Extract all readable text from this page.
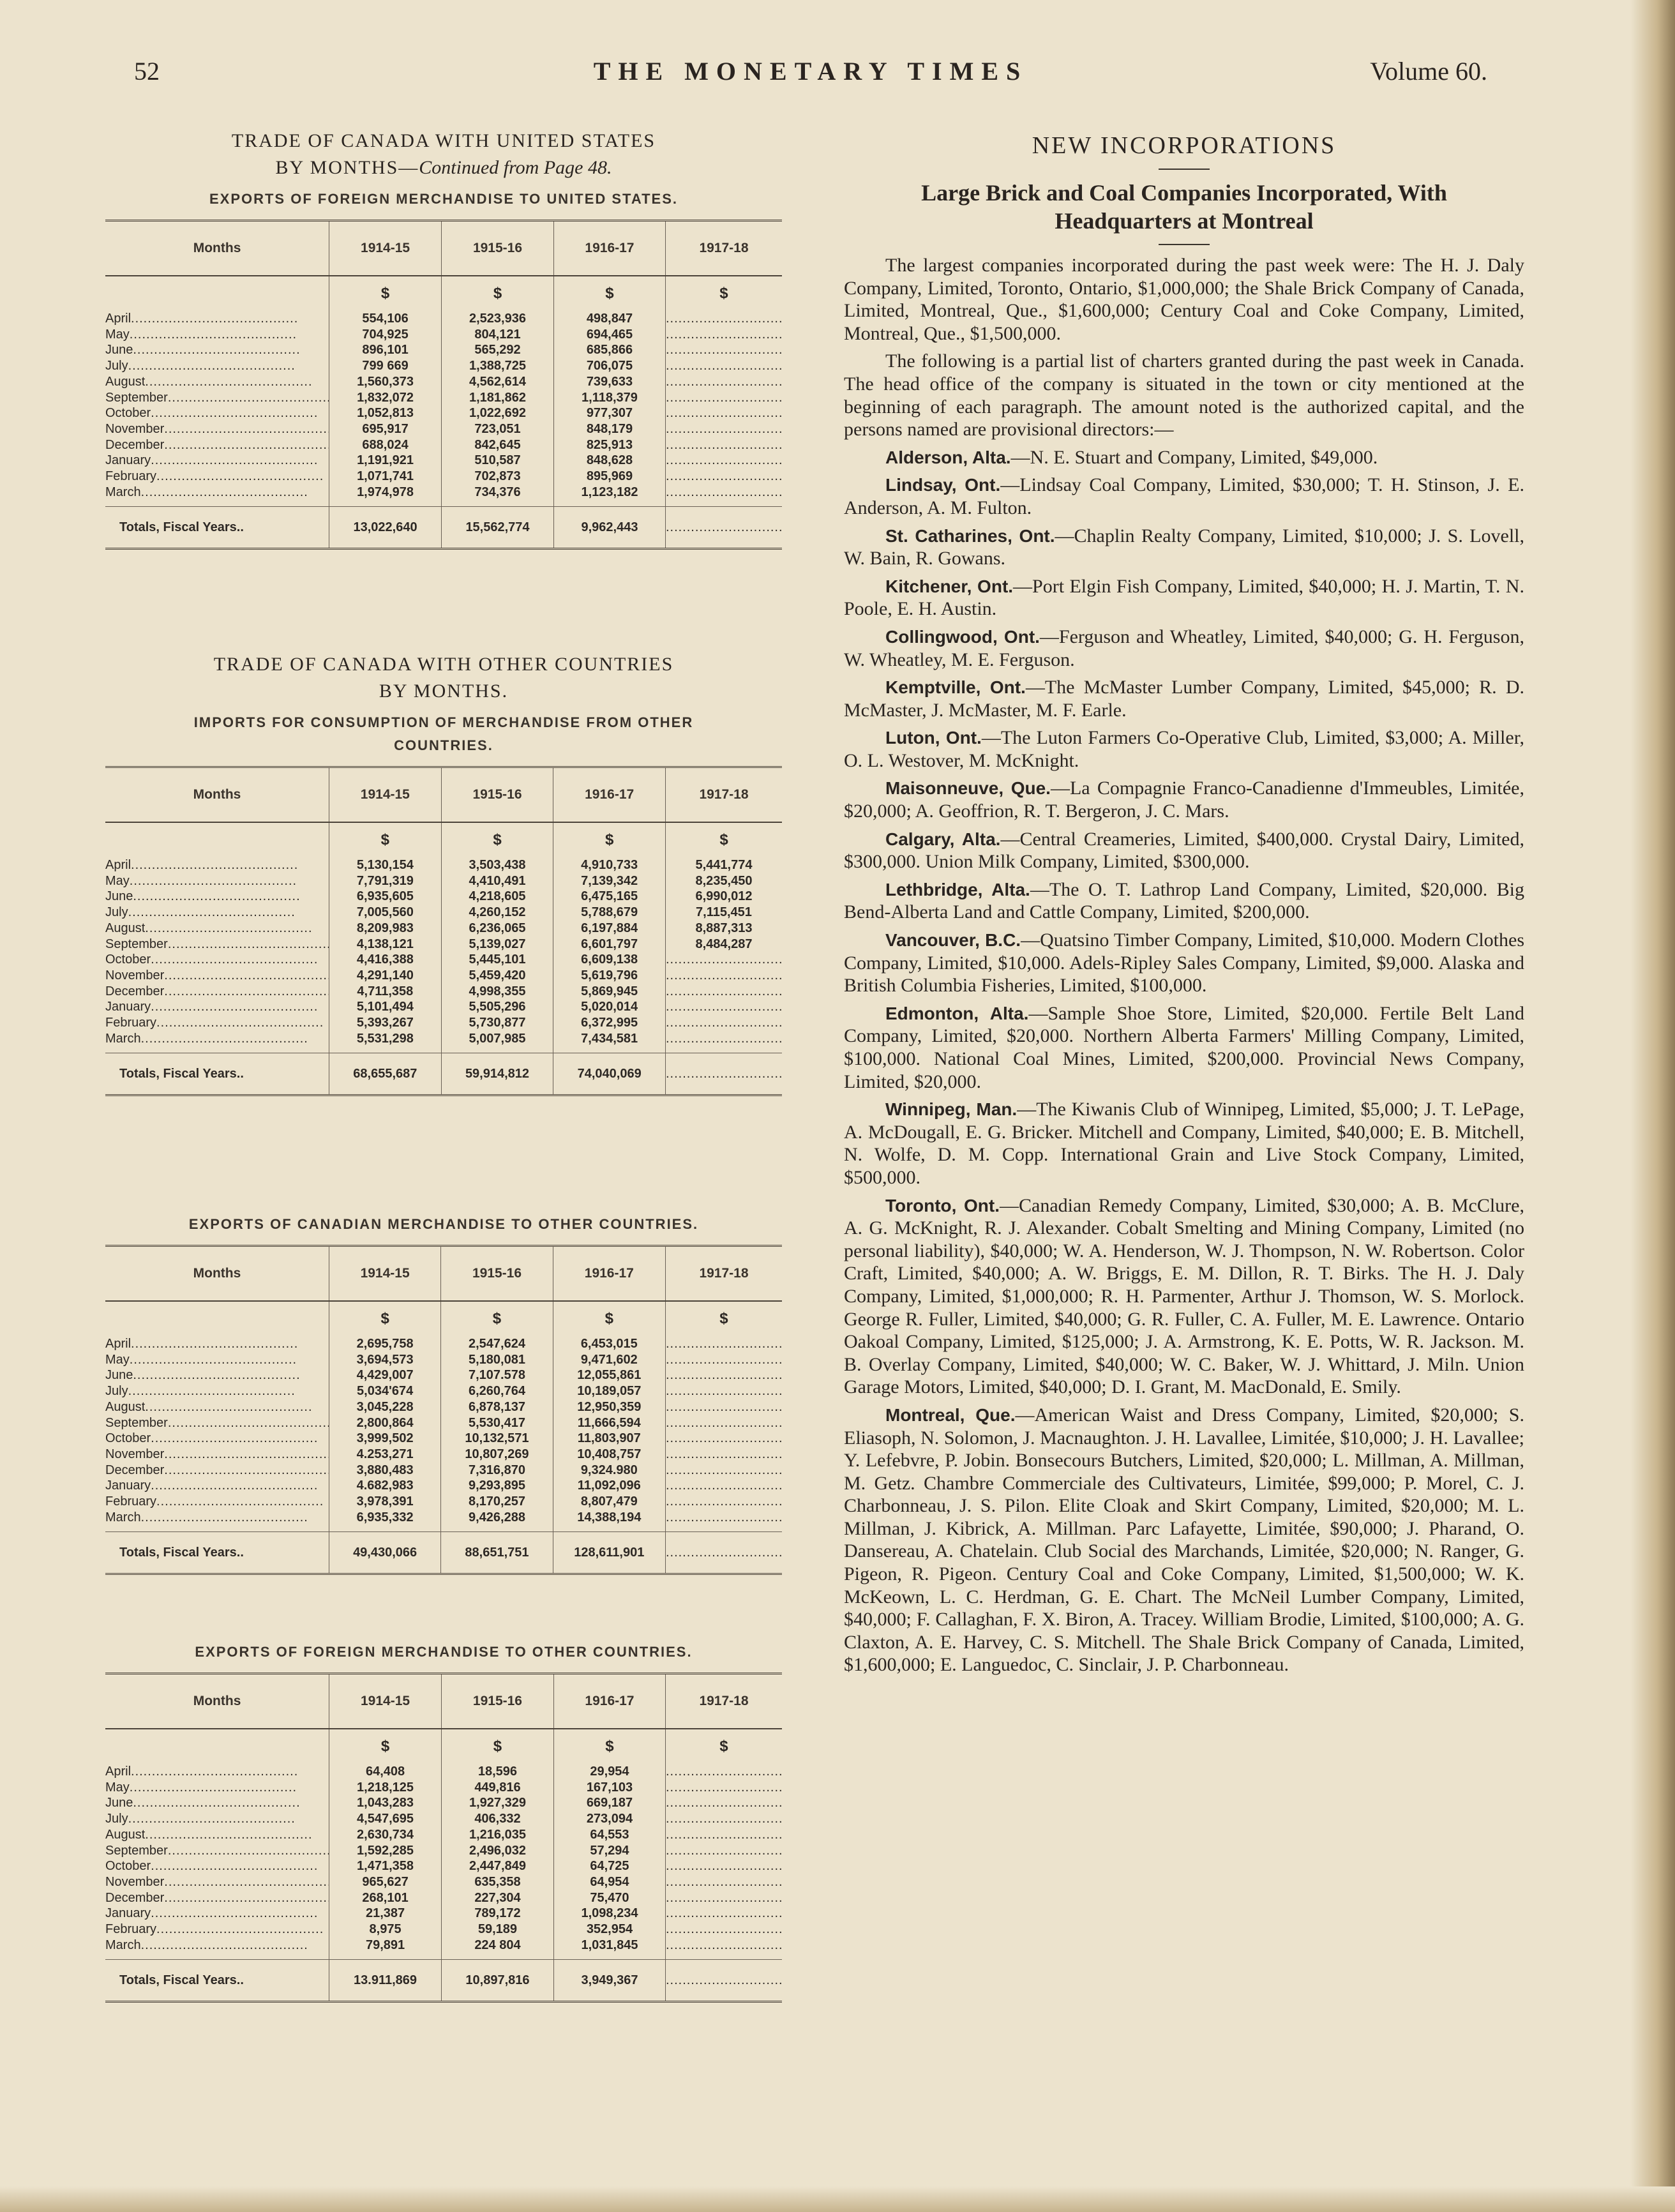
THE MONETARY TIMES
52	Volume 60.
TRADE OF CANADA WITH UNITED STATES
BY MONTHS—Continued from Page 48.
EXPORTS OF FOREIGN MERCHANDISE TO UNITED STATES.
Months	1914-15	1915-16	1916-17	1917-18
	$	$	$	$
April .....	554,106	2,523,936	498,847	.....
May .....	704,925	804,121	694,465	.....
June .....	896,101	565,292	685,866	.....
July .....	799 669	1,388,725	706,075	.....
August .....	1,560,373	4,562,614	739,633	.....
September .....	1,832,072	1,181,862	1,118,379	.....
October .....	1,052,813	1,022,692	977,307	.....
November .....	695,917	723,051	848,179	.....
December .....	688,024	842,645	825,913	.....
January .....	1,191,921	510,587	848,628	.....
February .....	1,071,741	702,873	895,969	.....
March .....	1,974,978	734,376	1,123,182	.....

Totals, Fiscal Years..	13,022,640	15,562,774	9,962,443	.....
TRADE OF CANADA WITH OTHER COUNTRIES
BY MONTHS.
IMPORTS FOR CONSUMPTION OF MERCHANDISE FROM OTHER COUNTRIES.
Months	1914-15	1915-16	1916-17	1917-18
	$	$	$	$
April .....	5,130,154	3,503,438	4,910,733	5,441,774
May .....	7,791,319	4,410,491	7,139,342	8,235,450
June .....	6,935,605	4,218,605	6,475,165	6,990,012
July .....	7,005,560	4,260,152	5,788,679	7,115,451
August .....	8,209,983	6,236,065	6,197,884	8,887,313
September .....	4,138,121	5,139,027	6,601,797	8,484,287
October .....	4,416,388	5,445,101	6,609,138	.....
November .....	4,291,140	5,459,420	5,619,796	.....
December .....	4,711,358	4,998,355	5,869,945	.....
January .....	5,101,494	5,505,296	5,020,014	.....
February .....	5,393,267	5,730,877	6,372,995	.....
March .....	5,531,298	5,007,985	7,434,581	.....

Totals, Fiscal Years..	68,655,687	59,914,812	74,040,069	.....
EXPORTS OF CANADIAN MERCHANDISE TO OTHER COUNTRIES.
Months	1914-15	1915-16	1916-17	1917-18
	$	$	$	$
April .....	2,695,758	2,547,624	6,453,015	.....
May .....	3,694,573	5,180,081	9,471,602	.....
June .....	4,429,007	7,107.578	12,055,861	.....
July .....	5,034'674	6,260,764	10,189,057	.....
August .....	3,045,228	6,878,137	12,950,359	.....
September .....	2,800,864	5,530,417	11,666,594	.....
October .....	3,999,502	10,132,571	11,803,907	.....
November .....	4.253,271	10,807,269	10,408,757	.....
December .....	3,880,483	7,316,870	9,324.980	.....
January .....	4.682,983	9,293,895	11,092,096	.....
February .....	3,978,391	8,170,257	8,807,479	.....
March .....	6,935,332	9,426,288	14,388,194	.....

Totals, Fiscal Years..	49,430,066	88,651,751	128,611,901	.....
EXPORTS OF FOREIGN MERCHANDISE TO OTHER COUNTRIES.
Months	1914-15	1915-16	1916-17	1917-18
	$	$	$	$
April .....	64,408	18,596	29,954	.....
May .....	1,218,125	449,816	167,103	.....
June .....	1,043,283	1,927,329	669,187	.....
July .....	4,547,695	406,332	273,094	.....
August .....	2,630,734	1,216,035	64,553	.....
September .....	1,592,285	2,496,032	57,294	.....
October .....	1,471,358	2,447,849	64,725	.....
November .....	965,627	635,358	64,954	.....
December .....	268,101	227,304	75,470	.....
January .....	21,387	789,172	1,098,234	.....
February .....	8,975	59,189	352,954	.....
March .....	79,891	224 804	1,031,845	.....

Totals, Fiscal Years..	13.911,869	10,897,816	3,949,367	.....
NEW INCORPORATIONS
Large Brick and Coal Companies Incorporated, With
Headquarters at Montreal

The largest companies incorporated during the past week were: The H. J. Daly Company, Limited, Toronto, Ontario, $1,000,000; the Shale Brick Company of Canada, Limited, Montreal, Que., $1,600,000; Century Coal and Coke Company, Limited, Montreal, Que., $1,500,000.

The following is a partial list of charters granted during the past week in Canada. The head office of the company is situated in the town or city mentioned at the beginning of each paragraph. The amount noted is the authorized capital, and the persons named are provisional directors:—

Alderson, Alta.—N. E. Stuart and Company, Limited, $49,000.

Lindsay, Ont.—Lindsay Coal Company, Limited, $30,000; T. H. Stinson, J. E. Anderson, A. M. Fulton.

St. Catharines, Ont.—Chaplin Realty Company, Limited, $10,000; J. S. Lovell, W. Bain, R. Gowans.

Kitchener, Ont.—Port Elgin Fish Company, Limited, $40,000; H. J. Martin, T. N. Poole, E. H. Austin.

Collingwood, Ont.—Ferguson and Wheatley, Limited, $40,000; G. H. Ferguson, W. Wheatley, M. E. Ferguson.

Kemptville, Ont.—The McMaster Lumber Company, Limited, $45,000; R. D. McMaster, J. McMaster, M. F. Earle.

Luton, Ont.—The Luton Farmers Co-Operative Club, Limited, $3,000; A. Miller, O. L. Westover, M. McKnight.

Maisonneuve, Que.—La Compagnie Franco-Canadienne d'Immeubles, Limitée, $20,000; A. Geoffrion, R. T. Bergeron, J. C. Mars.

Calgary, Alta.—Central Creameries, Limited, $400,000. Crystal Dairy, Limited, $300,000. Union Milk Company, Limited, $300,000.

Lethbridge, Alta.—The O. T. Lathrop Land Company, Limited, $20,000. Big Bend-Alberta Land and Cattle Company, Limited, $200,000.

Vancouver, B.C.—Quatsino Timber Company, Limited, $10,000. Modern Clothes Company, Limited, $10,000. Adels-Ripley Sales Company, Limited, $9,000. Alaska and British Columbia Fisheries, Limited, $100,000.

Edmonton, Alta.—Sample Shoe Store, Limited, $20,000. Fertile Belt Land Company, Limited, $20,000. Northern Alberta Farmers' Milling Company, Limited, $100,000. National Coal Mines, Limited, $200,000. Provincial News Company, Limited, $20,000.

Winnipeg, Man.—The Kiwanis Club of Winnipeg, Limited, $5,000; J. T. LePage, A. McDougall, E. G. Bricker. Mitchell and Company, Limited, $40,000; E. B. Mitchell, N. Wolfe, D. M. Copp. International Grain and Live Stock Company, Limited, $500,000.

Toronto, Ont.—Canadian Remedy Company, Limited, $30,000; A. B. McClure, A. G. McKnight, R. J. Alexander. Cobalt Smelting and Mining Company, Limited (no personal liability), $40,000; W. A. Henderson, W. J. Thompson, N. W. Robertson. Color Craft, Limited, $40,000; A. W. Briggs, E. M. Dillon, R. T. Birks. The H. J. Daly Company, Limited, $1,000,000; R. H. Parmenter, Arthur J. Thomson, W. S. Morlock. George R. Fuller, Limited, $40,000; G. R. Fuller, C. A. Fuller, M. E. Lawrence. Ontario Oakoal Company, Limited, $125,000; J. A. Armstrong, K. E. Potts, W. R. Jackson. M. B. Overlay Company, Limited, $40,000; W. C. Baker, W. J. Whittard, J. Miln. Union Garage Motors, Limited, $40,000; D. I. Grant, M. MacDonald, E. Smily.

Montreal, Que.—American Waist and Dress Company, Limited, $20,000; S. Eliasoph, N. Solomon, J. Macnaughton. J. H. Lavallee, Limitée, $10,000; J. H. Lavallee; Y. Lefebvre, P. Jobin. Bonsecours Butchers, Limited, $20,000; L. Millman, A. Millman, M. Getz. Chambre Commerciale des Cultivateurs, Limitée, $99,000; P. Morel, C. J. Charbonneau, J. S. Pilon. Elite Cloak and Skirt Company, Limited, $20,000; M. L. Millman, J. Kibrick, A. Millman. Parc Lafayette, Limitée, $90,000; J. Pharand, O. Dansereau, A. Chatelain. Club Social des Marchands, Limitée, $20,000; N. Ranger, G. Pigeon, R. Pigeon. Century Coal and Coke Company, Limited, $1,500,000; W. K. McKeown, L. C. Herdman, G. E. Chart. The McNeil Lumber Company, Limited, $40,000; F. Callaghan, F. X. Biron, A. Tracey. William Brodie, Limited, $100,000; A. G. Claxton, A. E. Harvey, C. S. Mitchell. The Shale Brick Company of Canada, Limited, $1,600,000; E. Languedoc, C. Sinclair, J. P. Charbonneau.
